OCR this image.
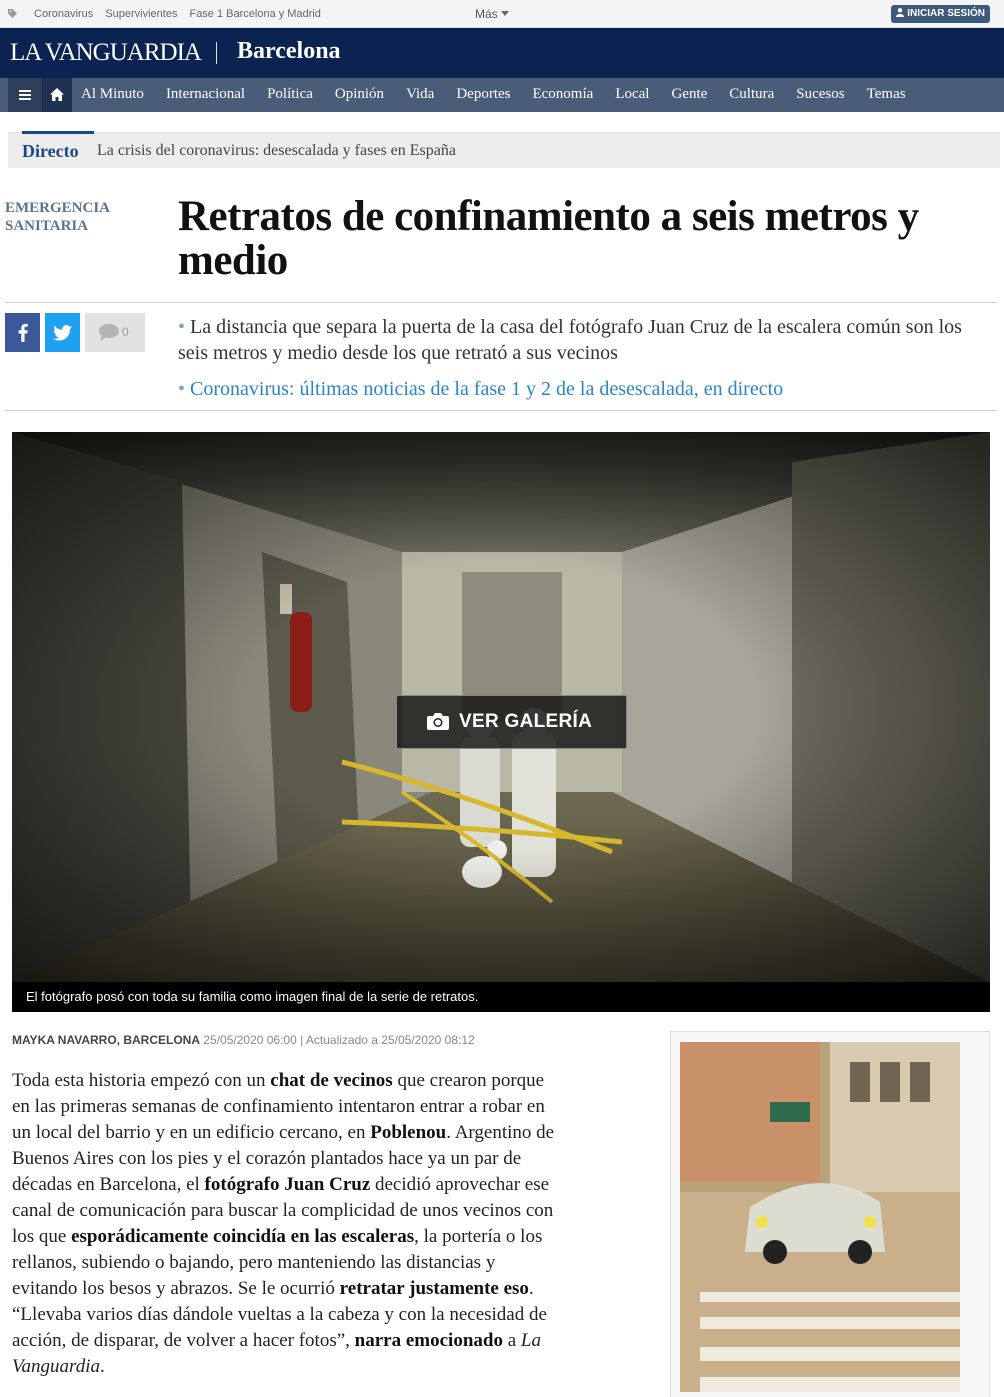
Coronavirus Supervivientes Fase 1 Barcelona y Madrid	Más	INICIAR SESIÓN
LA VANGUARDIA Barcelona
Al Minuto Internacional Política Opinión Vida Deportes Economía Local Gente Cultura Sucesos Temas
Directo La crisis del coronavirus: desescalada y fases en España
EMERGENCIA SANITARIA	Retratos de confinamiento a seis metros y medio
0 • La distancia que separa la puerta de la casa del fotógrafo Juan Cruz de la escalera común son los seis metros y medio desde los que retrató a sus vecinos
• Coronavirus: últimas noticias de la fase 1 y 2 de la desescalada, en directo
VER GALERÍA
El fotógrafo posó con toda su familia como imagen final de la serie de retratos.
MAYKA NAVARRO, BARCELONA 25/05/2020 06:00 | Actualizado a 25/05/2020 08:12

Toda esta historia empezó con un chat de vecinos que crearon porque en las primeras semanas de confinamiento intentaron entrar a robar en un local del barrio y en un edificio cercano, en Poblenou. Argentino de Buenos Aires con los pies y el corazón plantados hace ya un par de décadas en Barcelona, el fotógrafo Juan Cruz decidió aprovechar ese canal de comunicación para buscar la complicidad de unos vecinos con los que esporádicamente coincidía en las escaleras, la portería o los rellanos, subiendo o bajando, pero manteniendo las distancias y evitando los besos y abrazos. Se le ocurrió retratar justamente eso. “Llevaba varios días dándole vueltas a la cabeza y con la necesidad de acción, de disparar, de volver a hacer fotos”, narra emocionado a La Vanguardia.
